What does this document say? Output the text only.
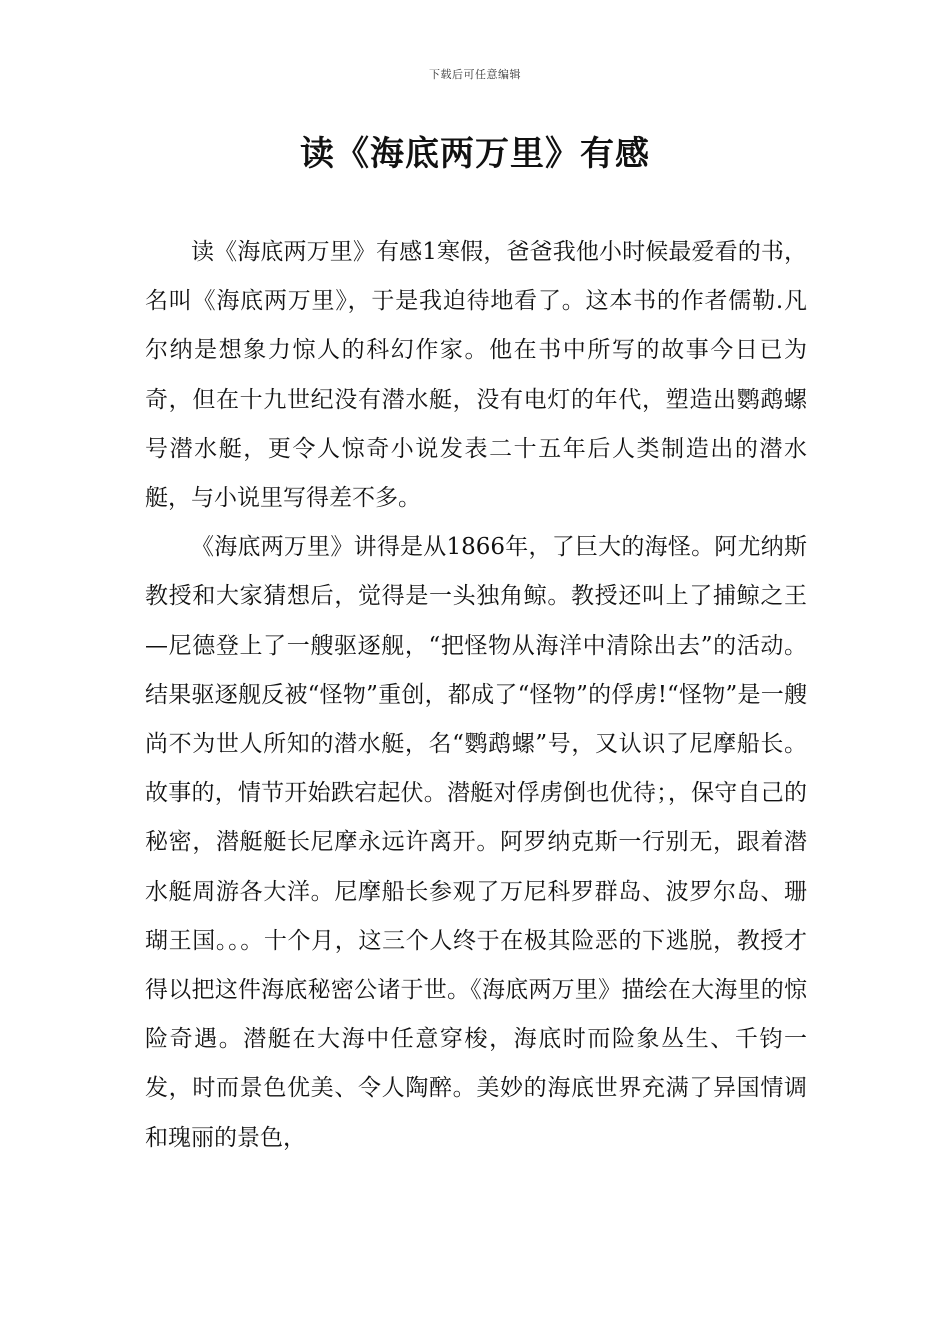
下载后可任意编辑
读《海底两万里》有感

读《海底两万里》有感1寒假，爸爸我他小时候最爱看的书，名叫《海底两万里》，于是我迫待地看了。这本书的作者儒勒.凡尔纳是想象力惊人的科幻作家。他在书中所写的故事今日已为奇，但在十九世纪没有潜水艇，没有电灯的年代，塑造出鹦鹉螺号潜水艇，更令人惊奇小说发表二十五年后人类制造出的潜水艇，与小说里写得差不多。

《海底两万里》讲得是从1866年，了巨大的海怪。阿尤纳斯教授和大家猜想后，觉得是一头独角鲸。教授还叫上了捕鲸之王—尼德登上了一艘驱逐舰，“把怪物从海洋中清除出去”的活动。结果驱逐舰反被“怪物”重创，都成了“怪物”的俘虏!“怪物”是一艘尚不为世人所知的潜水艇，名“鹦鹉螺”号，又认识了尼摩船长。故事的，情节开始跌宕起伏。潜艇对俘虏倒也优待；，保守自己的秘密，潜艇艇长尼摩永远许离开。阿罗纳克斯一行别无，跟着潜水艇周游各大洋。尼摩船长参观了万尼科罗群岛、波罗尔岛、珊瑚王国。。。十个月，这三个人终于在极其险恶的下逃脱，教授才得以把这件海底秘密公诸于世。《海底两万里》描绘在大海里的惊险奇遇。潜艇在大海中任意穿梭，海底时而险象丛生、千钧一发，时而景色优美、令人陶醉。美妙的海底世界充满了异国情调和瑰丽的景色，
